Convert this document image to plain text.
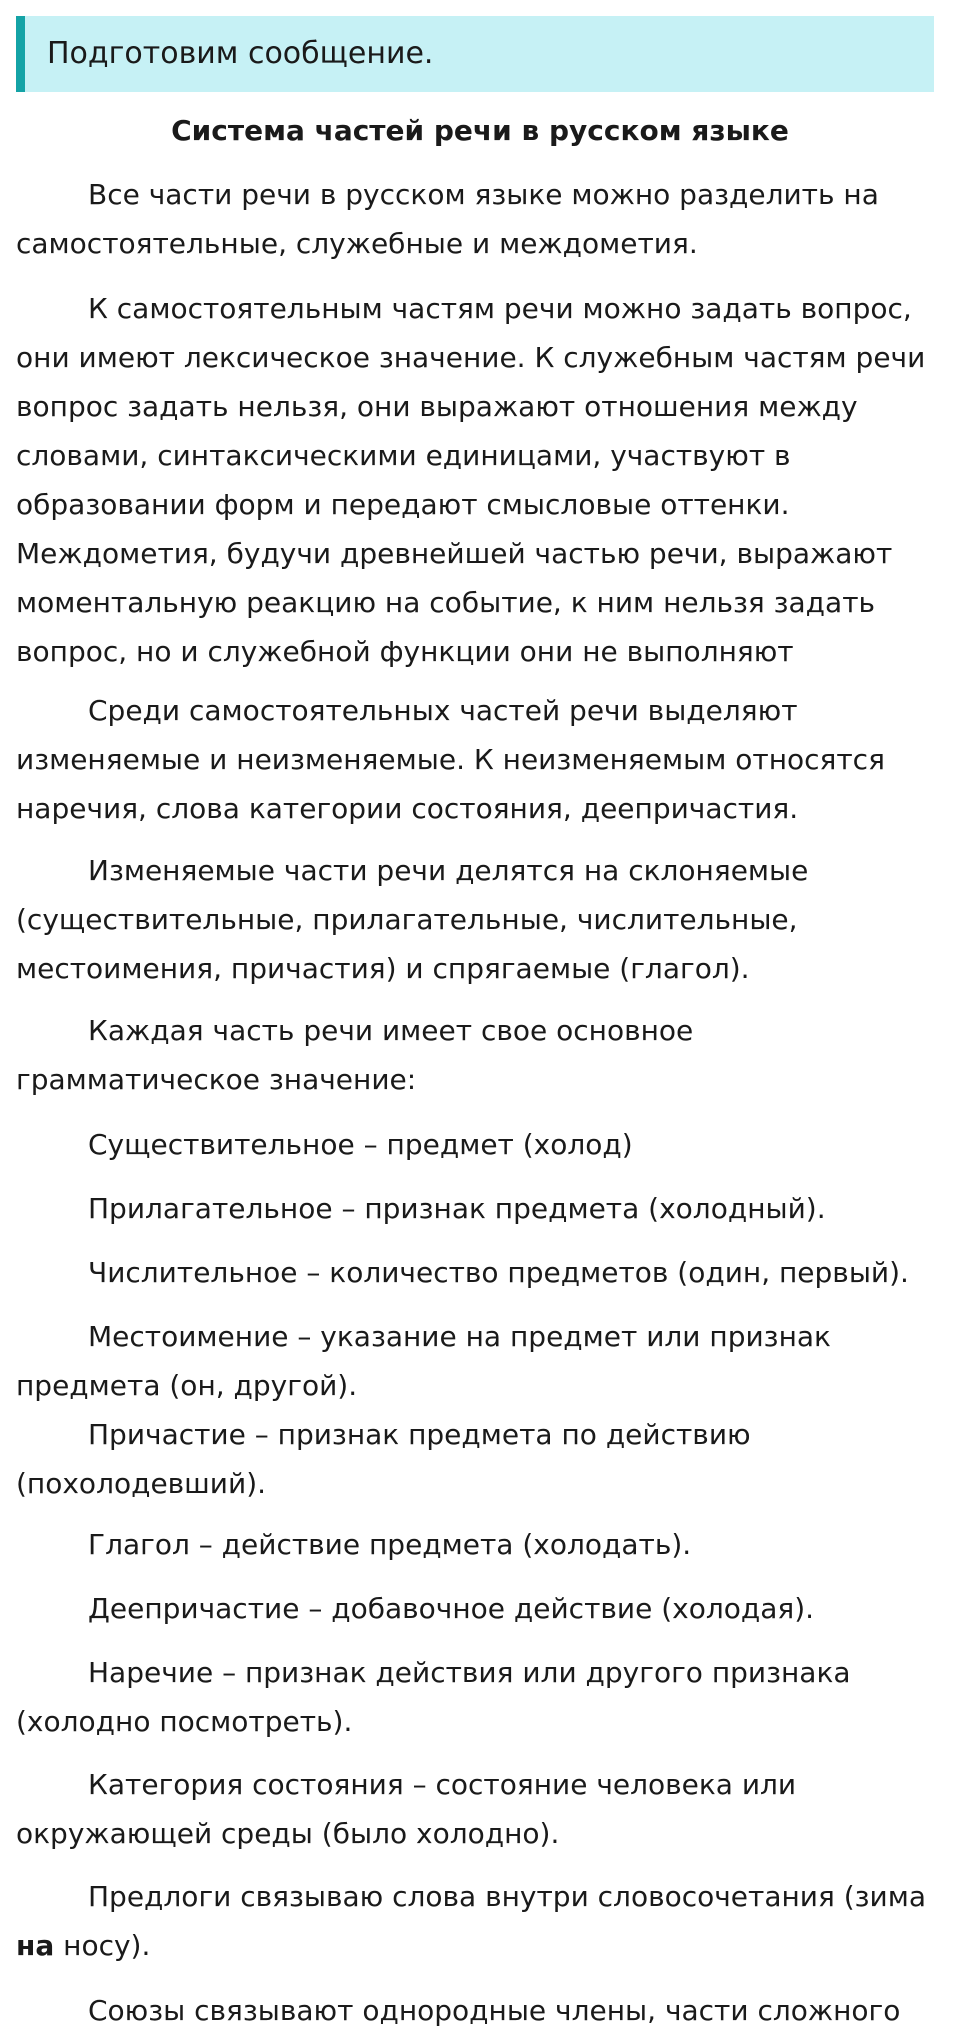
Подготовим сообщение.
Система частей речи в русском языке

Все части речи в русском языке можно разделить на самостоятельные, служебные и междометия.

К самостоятельным частям речи можно задать вопрос, они имеют лексическое значение. К служебным частям речи вопрос задать нельзя, они выражают отношения между словами, синтаксическими единицами, участвуют в образовании форм и передают смысловые оттенки. Междометия, будучи древнейшей частью речи, выражают моментальную реакцию на событие, к ним нельзя задать вопрос, но и служебной функции они не выполняют

Среди самостоятельных частей речи выделяют изменяемые и неизменяемые. К неизменяемым относятся наречия, слова категории состояния, деепричастия.

Изменяемые части речи делятся на склоняемые (существительные, прилагательные, числительные, местоимения, причастия) и спрягаемые (глагол).

Каждая часть речи имеет свое основное грамматическое значение:

Существительное – предмет (холод)

Прилагательное – признак предмета (холодный).

Числительное – количество предметов (один, первый).

Местоимение – указание на предмет или признак предмета (он, другой).

Причастие – признак предмета по действию (похолодевший).

Глагол – действие предмета (холодать).

Деепричастие – добавочное действие (холодая).

Наречие – признак действия или другого признака (холодно посмотреть).

Категория состояния – состояние человека или окружающей среды (было холодно).

Предлоги связываю слова внутри словосочетания (зима на носу).

Союзы связывают однородные члены, части сложного
